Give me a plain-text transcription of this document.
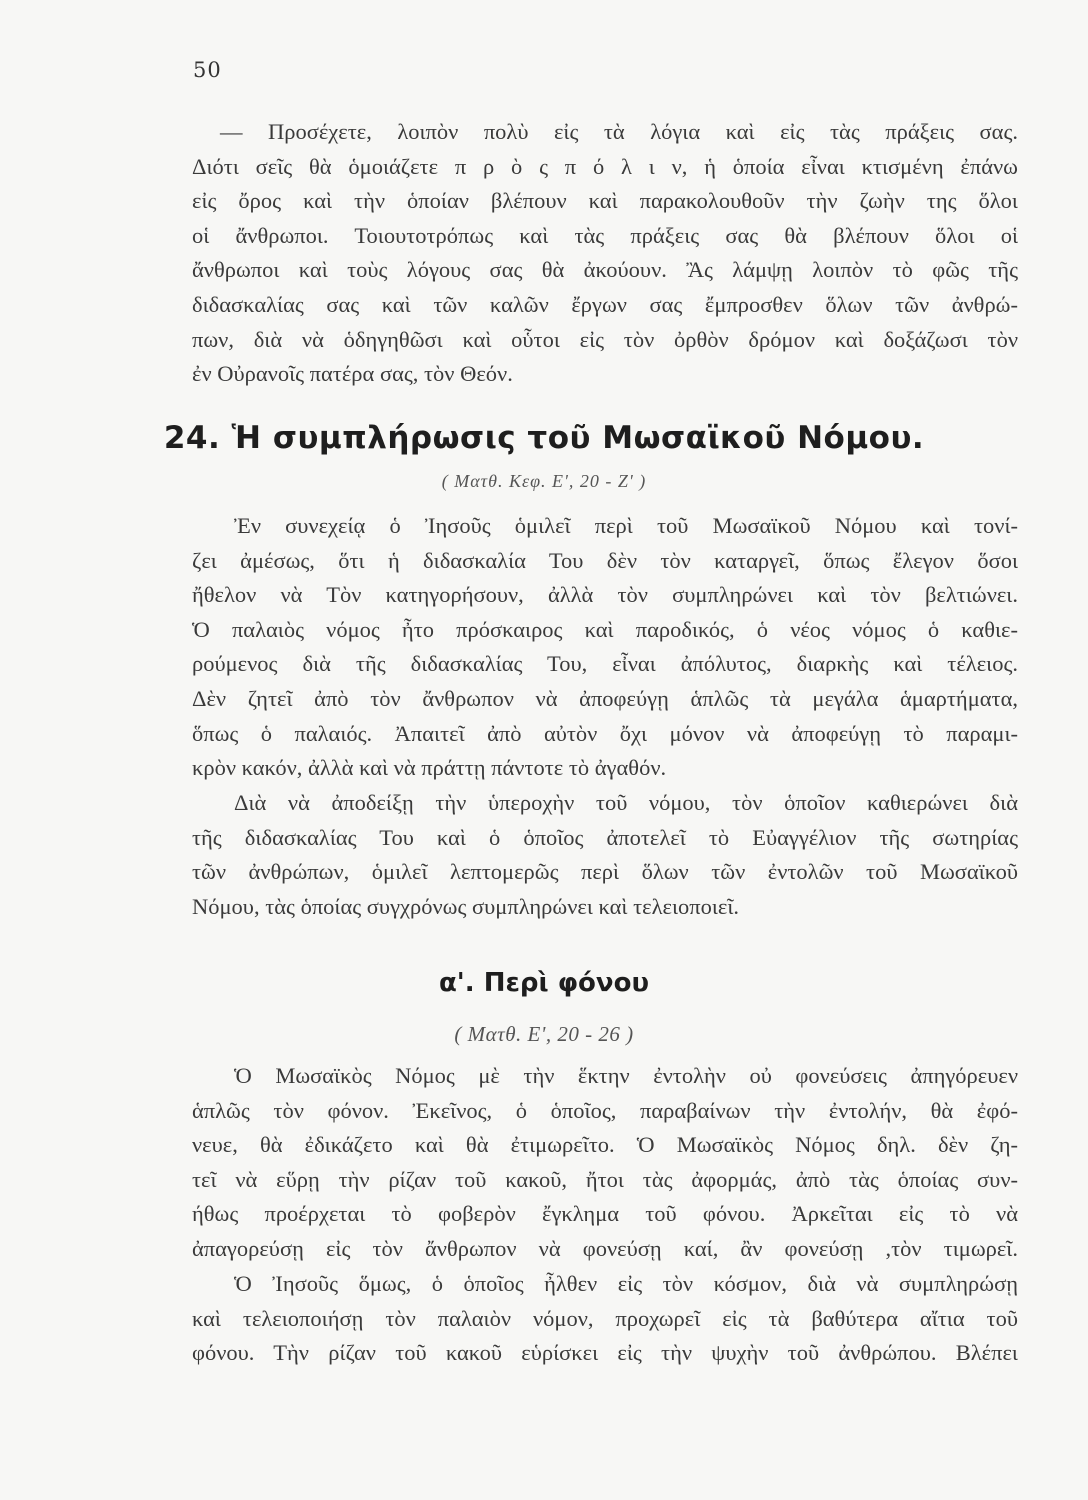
50
— Προσέχετε, λοιπὸν πολὺ εἰς τὰ λόγια καὶ εἰς τὰς πράξεις σας.
Διότι σεῖς θὰ ὁμοιάζετε π ρ ὸ ς π ό λ ι ν, ἡ ὁποία εἶναι κτισμένη ἐπάνω
εἰς ὄρος καὶ τὴν ὁποίαν βλέπουν καὶ παρακολουθοῦν τὴν ζωὴν της ὅλοι
οἱ ἄνθρωποι. Τοιουτοτρόπως καὶ τὰς πράξεις σας θὰ βλέπουν ὅλοι οἱ
ἄνθρωποι καὶ τοὺς λόγους σας θὰ ἀκούουν. Ἂς λάμψῃ λοιπὸν τὸ φῶς τῆς
διδασκαλίας σας καὶ τῶν καλῶν ἔργων σας ἔμπροσθεν ὅλων τῶν ἀνθρώ-
πων, διὰ νὰ ὁδηγηθῶσι καὶ οὗτοι εἰς τὸν ὀρθὸν δρόμον καὶ δοξάζωσι τὸν
ἐν Οὐρανοῖς πατέρα σας, τὸν Θεόν.
24. Ἡ συμπλήρωσις τοῦ Μωσαϊκοῦ Νόμου.
( Ματθ. Κεφ. Ε', 20 - Ζ' )
Ἐν συνεχείᾳ ὁ Ἰησοῦς ὁμιλεῖ περὶ τοῦ Μωσαϊκοῦ Νόμου καὶ τονί-
ζει ἀμέσως, ὅτι ἡ διδασκαλία Του δὲν τὸν καταργεῖ, ὅπως ἔλεγον ὅσοι
ἤθελον νὰ Τὸν κατηγορήσουν, ἀλλὰ τὸν συμπληρώνει καὶ τὸν βελτιώνει.
Ὁ παλαιὸς νόμος ἦτο πρόσκαιρος καὶ παροδικός, ὁ νέος νόμος ὁ καθιε-
ρούμενος διὰ τῆς διδασκαλίας Του, εἶναι ἀπόλυτος, διαρκὴς καὶ τέλειος.
Δὲν ζητεῖ ἀπὸ τὸν ἄνθρωπον νὰ ἀποφεύγῃ ἁπλῶς τὰ μεγάλα ἁμαρτήματα,
ὅπως ὁ παλαιός. Ἀπαιτεῖ ἀπὸ αὐτὸν ὄχι μόνον νὰ ἀποφεύγῃ τὸ παραμι-
κρὸν κακόν, ἀλλὰ καὶ νὰ πράττῃ πάντοτε τὸ ἀγαθόν.
Διὰ νὰ ἀποδείξῃ τὴν ὑπεροχὴν τοῦ νόμου, τὸν ὁποῖον καθιερώνει διὰ
τῆς διδασκαλίας Του καὶ ὁ ὁποῖος ἀποτελεῖ τὸ Εὐαγγέλιον τῆς σωτηρίας
τῶν ἀνθρώπων, ὁμιλεῖ λεπτομερῶς περὶ ὅλων τῶν ἐντολῶν τοῦ Μωσαϊκοῦ
Νόμου, τὰς ὁποίας συγχρόνως συμπληρώνει καὶ τελειοποιεῖ.
α'. Περὶ φόνου
( Ματθ. Ε', 20 - 26 )
Ὁ Μωσαϊκὸς Νόμος μὲ τὴν ἕκτην ἐντολὴν οὐ φονεύσεις ἀπηγόρευεν
ἁπλῶς τὸν φόνον. Ἐκεῖνος, ὁ ὁποῖος, παραβαίνων τὴν ἐντολήν, θὰ ἐφό-
νευε, θὰ ἐδικάζετο καὶ θὰ ἐτιμωρεῖτο. Ὁ Μωσαϊκὸς Νόμος δηλ. δὲν ζη-
τεῖ νὰ εὕρῃ τὴν ρίζαν τοῦ κακοῦ, ἤτοι τὰς ἀφορμάς, ἀπὸ τὰς ὁποίας συν-
ήθως προέρχεται τὸ φοβερὸν ἔγκλημα τοῦ φόνου. Ἀρκεῖται εἰς τὸ νὰ
ἀπαγορεύσῃ εἰς τὸν ἄνθρωπον νὰ φονεύσῃ καί, ἂν φονεύσῃ ,τὸν τιμωρεῖ.
Ὁ Ἰησοῦς ὅμως, ὁ ὁποῖος ἦλθεν εἰς τὸν κόσμον, διὰ νὰ συμπληρώσῃ
καὶ τελειοποιήσῃ τὸν παλαιὸν νόμον, προχωρεῖ εἰς τὰ βαθύτερα αἴτια τοῦ
φόνου. Τὴν ρίζαν τοῦ κακοῦ εὑρίσκει εἰς τὴν ψυχὴν τοῦ ἀνθρώπου. Βλέπει
